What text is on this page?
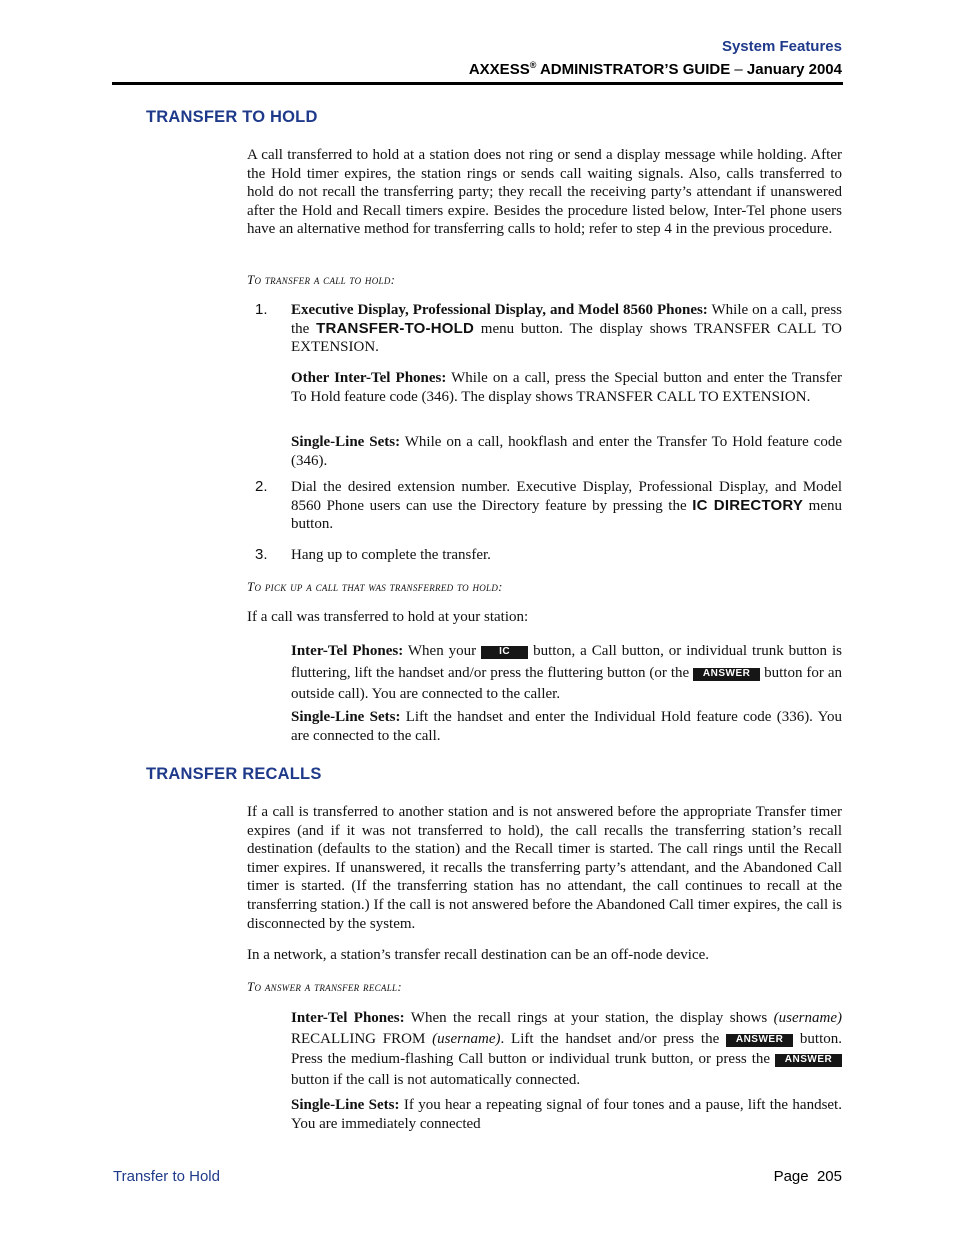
System Features
AXXESS® ADMINISTRATOR’S GUIDE – January 2004
TRANSFER TO HOLD
A call transferred to hold at a station does not ring or send a display message while holding. After the Hold timer expires, the station rings or sends call waiting signals. Also, calls transferred to hold do not recall the transferring party; they recall the receiving party’s attendant if unanswered after the Hold and Recall timers expire. Besides the procedure listed below, Inter-Tel phone users have an alternative method for transferring calls to hold; refer to step 4 in the previous procedure.
To transfer a call to hold:
1. Executive Display, Professional Display, and Model 8560 Phones: While on a call, press the TRANSFER-TO-HOLD menu button. The display shows TRANSFER CALL TO EXTENSION.
Other Inter-Tel Phones: While on a call, press the Special button and enter the Transfer To Hold feature code (346). The display shows TRANSFER CALL TO EXTENSION.
Single-Line Sets: While on a call, hookflash and enter the Transfer To Hold feature code (346).
2. Dial the desired extension number. Executive Display, Professional Display, and Model 8560 Phone users can use the Directory feature by pressing the IC DIRECTORY menu button.
3. Hang up to complete the transfer.
To pick up a call that was transferred to hold:
If a call was transferred to hold at your station:
Inter-Tel Phones: When your IC button, a Call button, or individual trunk button is fluttering, lift the handset and/or press the fluttering button (or the ANSWER button for an outside call). You are connected to the caller.
Single-Line Sets: Lift the handset and enter the Individual Hold feature code (336). You are connected to the call.
TRANSFER RECALLS
If a call is transferred to another station and is not answered before the appropriate Transfer timer expires (and if it was not transferred to hold), the call recalls the transferring station’s recall destination (defaults to the station) and the Recall timer is started. The call rings until the Recall timer expires. If unanswered, it recalls the transferring party’s attendant, and the Abandoned Call timer is started. (If the transferring station has no attendant, the call continues to recall at the transferring station.) If the call is not answered before the Abandoned Call timer expires, the call is disconnected by the system.
In a network, a station’s transfer recall destination can be an off-node device.
To answer a transfer recall:
Inter-Tel Phones: When the recall rings at your station, the display shows (username) RECALLING FROM (username). Lift the handset and/or press the ANSWER button. Press the medium-flashing Call button or individual trunk button, or press the ANSWER button if the call is not automatically connected.
Single-Line Sets: If you hear a repeating signal of four tones and a pause, lift the handset. You are immediately connected
Transfer to Hold	Page 205
